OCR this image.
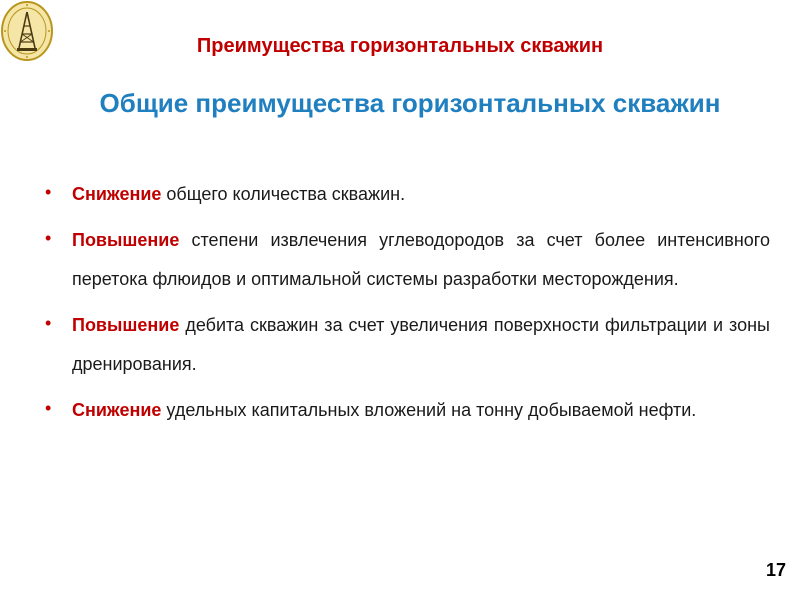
Преимущества горизонтальных скважин
Общие преимущества горизонтальных скважин
• Снижение общего количества скважин.
• Повышение степени извлечения углеводородов за счет более интенсивного перетока флюидов и оптимальной системы разработки месторождения.
• Повышение дебита скважин за счет увеличения поверхности фильтрации и зоны дренирования.
• Снижение удельных капитальных вложений на тонну добываемой нефти.
17
